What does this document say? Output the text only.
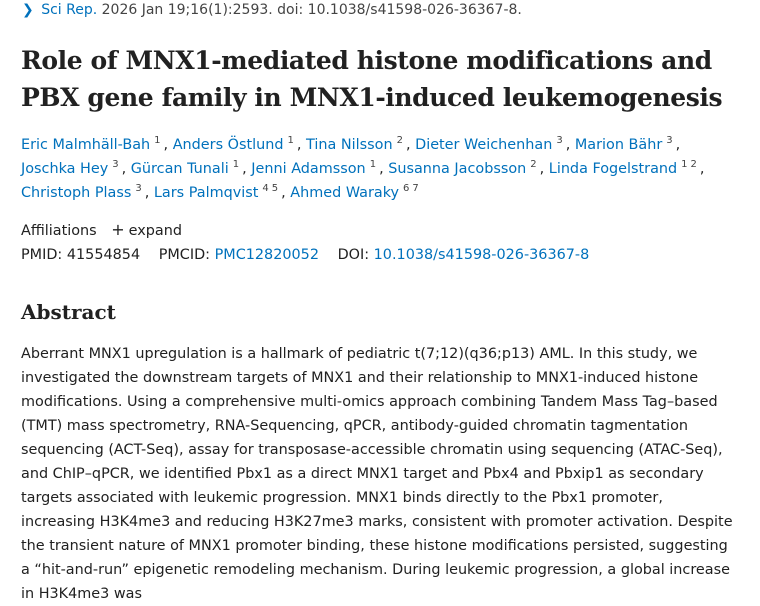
❯ Sci Rep. 2026 Jan 19;16(1):2593. doi: 10.1038/s41598-026-36367-8.
Role of MNX1-mediated histone modifications and PBX gene family in MNX1-induced leukemogenesis
Eric Malmhäll-Bah $^1$ , Anders Östlund $^1$ , Tina Nilsson $^2$ , Dieter Weichenhan $^3$ , Marion Bähr $^3$ , Joschka Hey $^3$ , Gürcan Tunali $^1$ , Jenni Adamsson $^1$ , Susanna Jacobsson $^2$ , Linda Fogelstrand $^{1 2}$ , Christoph Plass $^3$ , Lars Palmqvist $^{4 5}$ , Ahmed Waraky $^{6 7}$
Affiliations + expand
PMID: 41554854 PMCID: PMC12820052 DOI: 10.1038/s41598-026-36367-8
Abstract

Aberrant MNX1 upregulation is a hallmark of pediatric t(7;12)(q36;p13) AML. In this study, we investigated the downstream targets of MNX1 and their relationship to MNX1-induced histone modifications. Using a comprehensive multi-omics approach combining Tandem Mass Tag–based (TMT) mass spectrometry, RNA-Sequencing, qPCR, antibody-guided chromatin tagmentation sequencing (ACT-Seq), assay for transposase-accessible chromatin using sequencing (ATAC-Seq), and ChIP–qPCR, we identified Pbx1 as a direct MNX1 target and Pbx4 and Pbxip1 as secondary targets associated with leukemic progression. MNX1 binds directly to the Pbx1 promoter, increasing H3K4me3 and reducing H3K27me3 marks, consistent with promoter activation. Despite the transient nature of MNX1 promoter binding, these histone modifications persisted, suggesting a “hit-and-run” epigenetic remodeling mechanism. During leukemic progression, a global increase in H3K4me3 was
